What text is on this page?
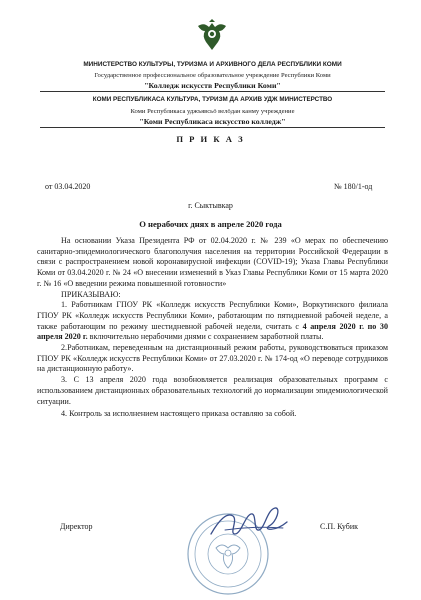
МИНИСТЕРСТВО КУЛЬТУРЫ, ТУРИЗМА И АРХИВНОГО ДЕЛА РЕСПУБЛИКИ КОМИ
Государственное профессиональное образовательное учреждение Республики Коми
"Колледж искусств Республики Коми"
КОМИ РЕСПУБЛИКАСА КУЛЬТУРА, ТУРИЗМ ДА АРХИВ УДЖ МИНИСТЕРСТВО
Коми Республикаса уджъявсьӧ велӧдан канму учреждение
"Коми Республикаса искусство колледж"
П Р И К А З
от 03.04.2020	№ 180/1-од
г. Сыктывкар
О нерабочих днях в апреле 2020 года

На основании Указа Президента РФ от 02.04.2020 г. № 239 «О мерах по обеспечению санитарно-эпидемиологического благополучия населения на территории Российской Федерации в связи с распространением новой коронавирусной инфекции (COVID-19); Указа Главы Республики Коми от 03.04.2020 г. № 24 «О внесении изменений в Указ Главы Республики Коми от 15 марта 2020 г. № 16 «О введении режима повышенной готовности»

ПРИКАЗЫВАЮ:

1. Работникам ГПОУ РК «Колледж искусств Республики Коми», Воркутинского филиала ГПОУ РК «Колледж искусств Республики Коми», работающим по пятидневной рабочей неделе, а также работающим по режиму шестидневной рабочей недели, считать с 4 апреля 2020 г. по 30 апреля 2020 г. включительно нерабочими днями с сохранением заработной платы.

2.Работникам, переведенным на дистанционный режим работы, руководствоваться приказом ГПОУ РК «Колледж искусств Республики Коми» от 27.03.2020 г. № 174-од «О переводе сотрудников на дистанционную работу».

3. С 13 апреля 2020 года возобновляется реализация образовательных программ с использованием дистанционных образовательных технологий до нормализации эпидемиологической ситуации.

4. Контроль за исполнением настоящего приказа оставляю за собой.

Директор	С.П. Кубик
